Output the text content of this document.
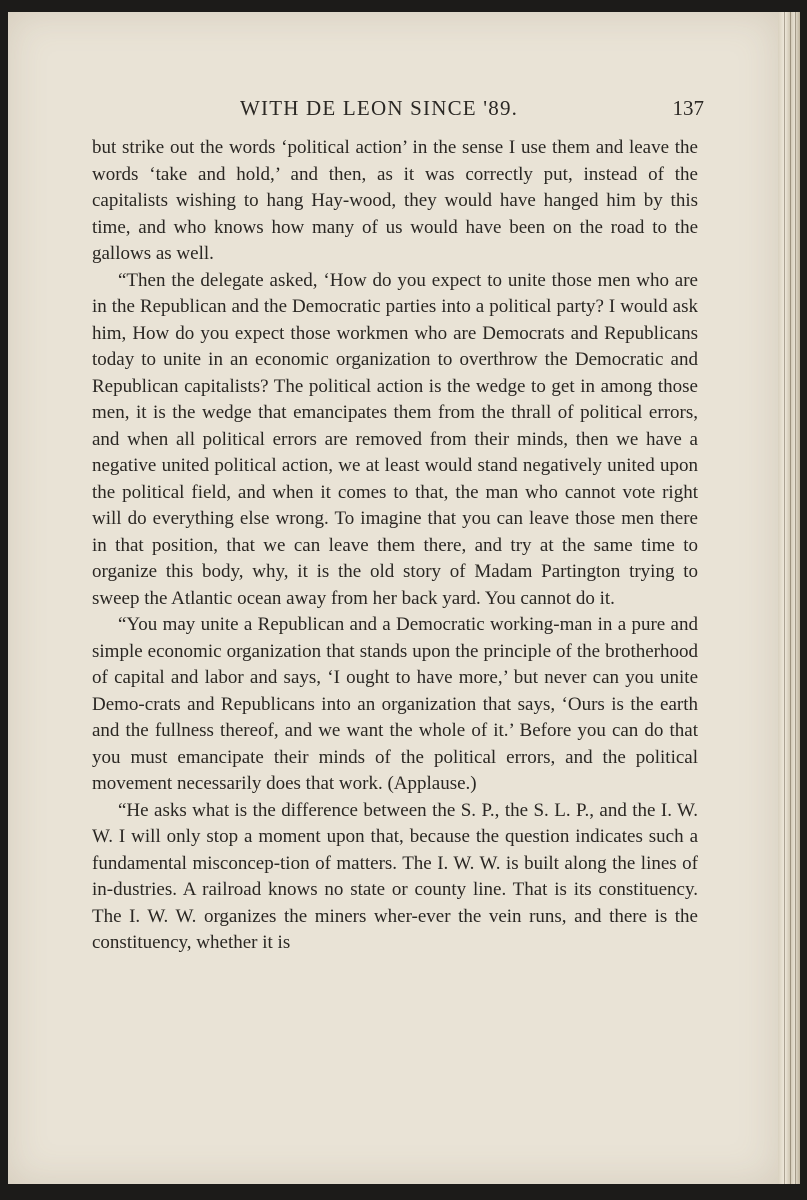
WITH DE LEON SINCE '89.	137

but strike out the words ‘political action’ in the sense I use them and leave the words ‘take and hold,’ and then, as it was correctly put, instead of the capitalists wishing to hang Hay-wood, they would have hanged him by this time, and who knows how many of us would have been on the road to the gallows as well.

“Then the delegate asked, ‘How do you expect to unite those men who are in the Republican and the Democratic parties into a political party? I would ask him, How do you expect those workmen who are Democrats and Republicans today to unite in an economic organization to overthrow the Democratic and Republican capitalists? The political action is the wedge to get in among those men, it is the wedge that emancipates them from the thrall of political errors, and when all political errors are removed from their minds, then we have a negative united political action, we at least would stand negatively united upon the political field, and when it comes to that, the man who cannot vote right will do everything else wrong. To imagine that you can leave those men there in that position, that we can leave them there, and try at the same time to organize this body, why, it is the old story of Madam Partington trying to sweep the Atlantic ocean away from her back yard. You cannot do it.

“You may unite a Republican and a Democratic working-man in a pure and simple economic organization that stands upon the principle of the brotherhood of capital and labor and says, ‘I ought to have more,’ but never can you unite Demo-crats and Republicans into an organization that says, ‘Ours is the earth and the fullness thereof, and we want the whole of it.’ Before you can do that you must emancipate their minds of the political errors, and the political movement necessarily does that work. (Applause.)

“He asks what is the difference between the S. P., the S. L. P., and the I. W. W. I will only stop a moment upon that, because the question indicates such a fundamental misconcep-tion of matters. The I. W. W. is built along the lines of in-dustries. A railroad knows no state or county line. That is its constituency. The I. W. W. organizes the miners wher-ever the vein runs, and there is the constituency, whether it is
